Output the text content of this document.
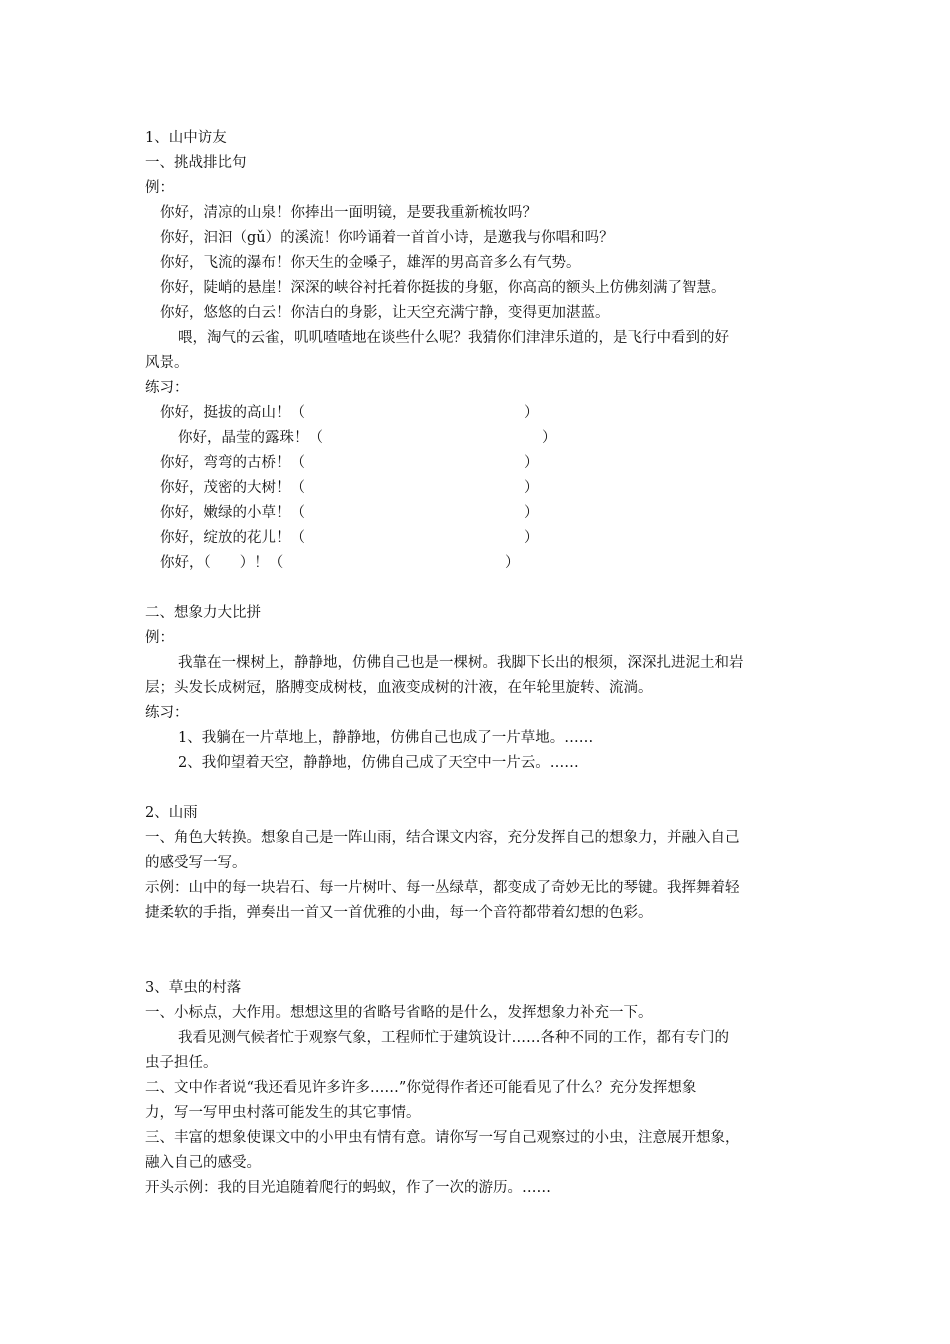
1、山中访友
一、挑战排比句
例：
你好，清凉的山泉！你捧出一面明镜，是要我重新梳妆吗？
你好，汩汩（gǔ）的溪流！你吟诵着一首首小诗，是邀我与你唱和吗？
你好，飞流的瀑布！你天生的金嗓子，雄浑的男高音多么有气势。
你好，陡峭的悬崖！深深的峡谷衬托着你挺拔的身躯，你高高的额头上仿佛刻满了智慧。
你好，悠悠的白云！你洁白的身影，让天空充满宁静，变得更加湛蓝。
喂，淘气的云雀，叽叽喳喳地在谈些什么呢？我猜你们津津乐道的，是飞行中看到的好
风景。
练习：
你好，挺拔的高山！（	）
你好，晶莹的露珠！（	）
你好，弯弯的古桥！（	）
你好，茂密的大树！（	）
你好，嫩绿的小草！（	）
你好，绽放的花儿！（	）
你好，（　　）！（	）
二、想象力大比拼
例：
我靠在一棵树上，静静地，仿佛自己也是一棵树。我脚下长出的根须，深深扎进泥土和岩
层；头发长成树冠，胳膊变成树枝，血液变成树的汁液，在年轮里旋转、流淌。
练习：
1、我躺在一片草地上，静静地，仿佛自己也成了一片草地。……
2、我仰望着天空，静静地，仿佛自己成了天空中一片云。……
2、山雨
一、角色大转换。想象自己是一阵山雨，结合课文内容，充分发挥自己的想象力，并融入自己
的感受写一写。
示例：山中的每一块岩石、每一片树叶、每一丛绿草，都变成了奇妙无比的琴键。我挥舞着轻
捷柔软的手指，弹奏出一首又一首优雅的小曲，每一个音符都带着幻想的色彩。
3、草虫的村落
一、小标点，大作用。想想这里的省略号省略的是什么，发挥想象力补充一下。
我看见测气候者忙于观察气象，工程师忙于建筑设计……各种不同的工作，都有专门的
虫子担任。
二、文中作者说“我还看见许多许多……”你觉得作者还可能看见了什么？充分发挥想象
力，写一写甲虫村落可能发生的其它事情。
三、丰富的想象使课文中的小甲虫有情有意。请你写一写自己观察过的小虫，注意展开想象，
融入自己的感受。
开头示例：我的目光追随着爬行的蚂蚁，作了一次的游历。……
